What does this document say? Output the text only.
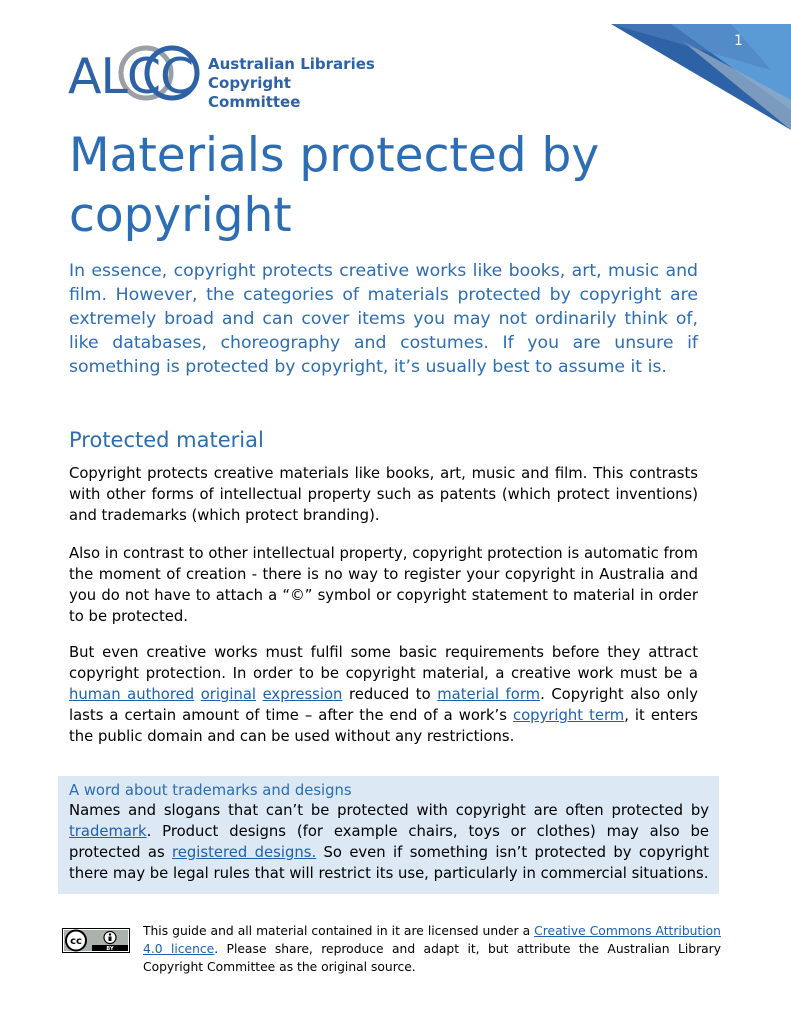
1
ALCC Australian Libraries
Copyright Committee
Materials protected by copyright

In essence, copyright protects creative works like books, art, music and film. However, the categories of materials protected by copyright are extremely broad and can cover items you may not ordinarily think of, like databases, choreography and costumes. If you are unsure if something is protected by copyright, it’s usually best to assume it is.

Protected material

Copyright protects creative materials like books, art, music and film. This contrasts with other forms of intellectual property such as patents (which protect inventions) and trademarks (which protect branding).

Also in contrast to other intellectual property, copyright protection is automatic from the moment of creation - there is no way to register your copyright in Australia and you do not have to attach a “©” symbol or copyright statement to material in order to be protected.

But even creative works must fulfil some basic requirements before they attract copyright protection. In order to be copyright material, a creative work must be a human authored original expression reduced to material form. Copyright also only lasts a certain amount of time – after the end of a work’s copyright term, it enters the public domain and can be used without any restrictions.

A word about trademarks and designs

Names and slogans that can’t be protected with copyright are often protected by trademark. Product designs (for example chairs, toys or clothes) may also be protected as registered designs. So even if something isn’t protected by copyright there may be legal rules that will restrict its use, particularly in commercial situations.

cc
BY

This guide and all material contained in it are licensed under a Creative Commons Attribution 4.0 licence. Please share, reproduce and adapt it, but attribute the Australian Library Copyright Committee as the original source.
